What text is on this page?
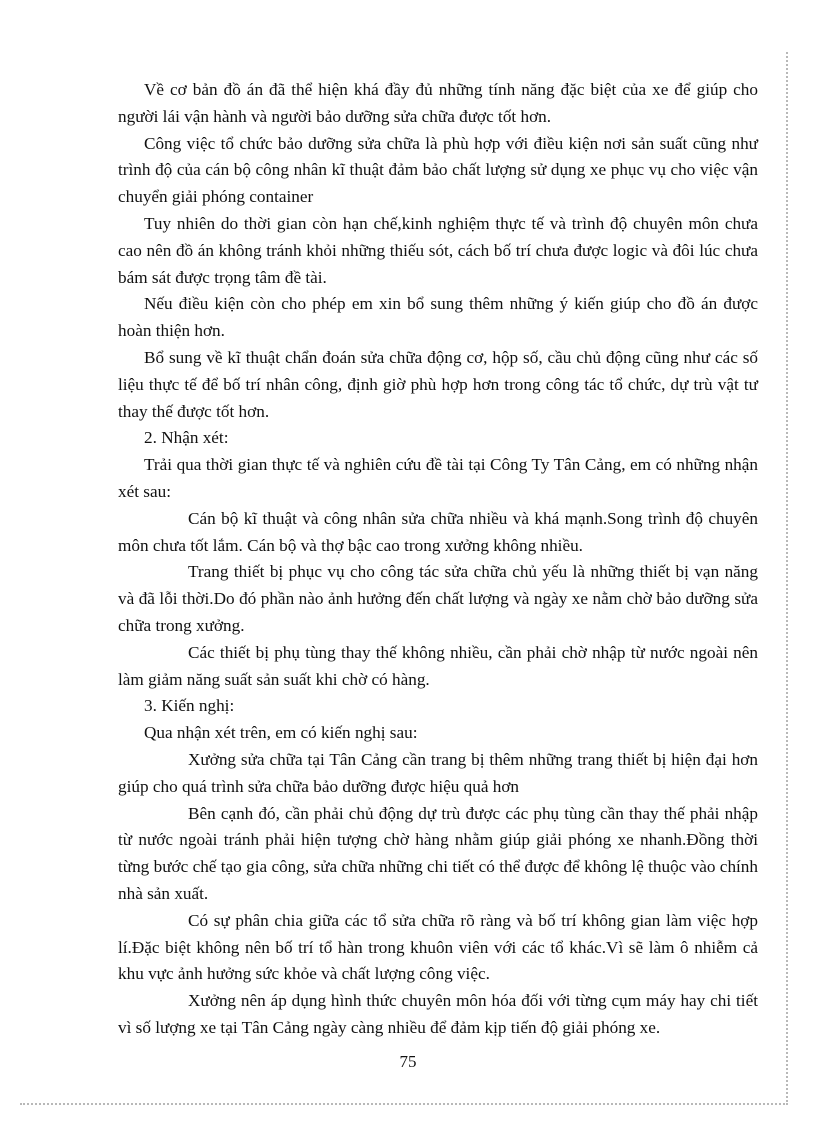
Về cơ bản đồ án đã thể hiện khá đầy đủ những tính năng đặc biệt của xe để giúp cho người lái vận hành và người bảo dưỡng sửa chữa được tốt hơn.

Công việc tổ chức bảo dưỡng sửa chữa là phù hợp với điều kiện nơi sản suất cũng như trình độ của cán bộ công nhân kĩ thuật đảm bảo chất lượng sử dụng xe phục vụ cho việc vận chuyển giải phóng container

Tuy nhiên do thời gian còn hạn chế,kinh nghiệm thực tế và trình độ chuyên môn chưa cao nên đồ án không tránh khỏi những thiếu sót, cách bố trí chưa được logic và đôi lúc chưa bám sát được trọng tâm đề tài.

Nếu điều kiện còn cho phép em xin bổ sung thêm những ý kiến giúp cho đồ án được hoàn thiện hơn.

Bổ sung về kĩ thuật chẩn đoán sửa chữa động cơ, hộp số, cầu chủ động cũng như các số liệu thực tế để bố trí nhân công, định giờ phù hợp hơn trong công tác tổ chức, dự trù vật tư thay thế được tốt hơn.

2. Nhận xét:

Trải qua thời gian thực tế và nghiên cứu đề tài tại Công Ty Tân Cảng, em có những nhận xét sau:

Cán bộ kĩ thuật và công nhân sửa chữa nhiều và khá mạnh.Song trình độ chuyên môn chưa tốt lắm. Cán bộ và thợ bậc cao trong xưởng không nhiều.

Trang thiết bị phục vụ cho công tác sửa chữa chủ yếu là những thiết bị vạn năng và đã lỗi thời.Do đó phần nào ảnh hưởng đến chất lượng và ngày xe nằm chờ bảo dưỡng sửa chữa trong xưởng.

Các thiết bị phụ tùng thay thế không nhiều, cần phải chờ nhập từ nước ngoài nên làm giảm năng suất sản suất khi chờ có hàng.

3. Kiến nghị:

Qua nhận xét trên, em có kiến nghị sau:

Xưởng sửa chữa tại Tân Cảng cần trang bị thêm những trang thiết bị hiện đại hơn giúp cho quá trình sửa chữa bảo dưỡng được hiệu quả hơn

Bên cạnh đó, cần phải chủ động dự trù được các phụ tùng cần thay thế phải nhập từ nước ngoài tránh phải hiện tượng chờ hàng nhằm giúp giải phóng xe nhanh.Đồng thời từng bước chế tạo gia công, sửa chữa những chi tiết có thể được để không lệ thuộc vào chính nhà sản xuất.

Có sự phân chia giữa các tổ sửa chữa rõ ràng và bố trí không gian làm việc hợp lí.Đặc biệt không nên bố trí tổ hàn trong khuôn viên với các tổ khác.Vì sẽ làm ô nhiễm cả khu vực ảnh hưởng sức khỏe và chất lượng công việc.

Xưởng nên áp dụng hình thức chuyên môn hóa đối với từng cụm máy hay chi tiết vì số lượng xe tại Tân Cảng ngày càng nhiều để đảm kịp tiến độ giải phóng xe.

75
